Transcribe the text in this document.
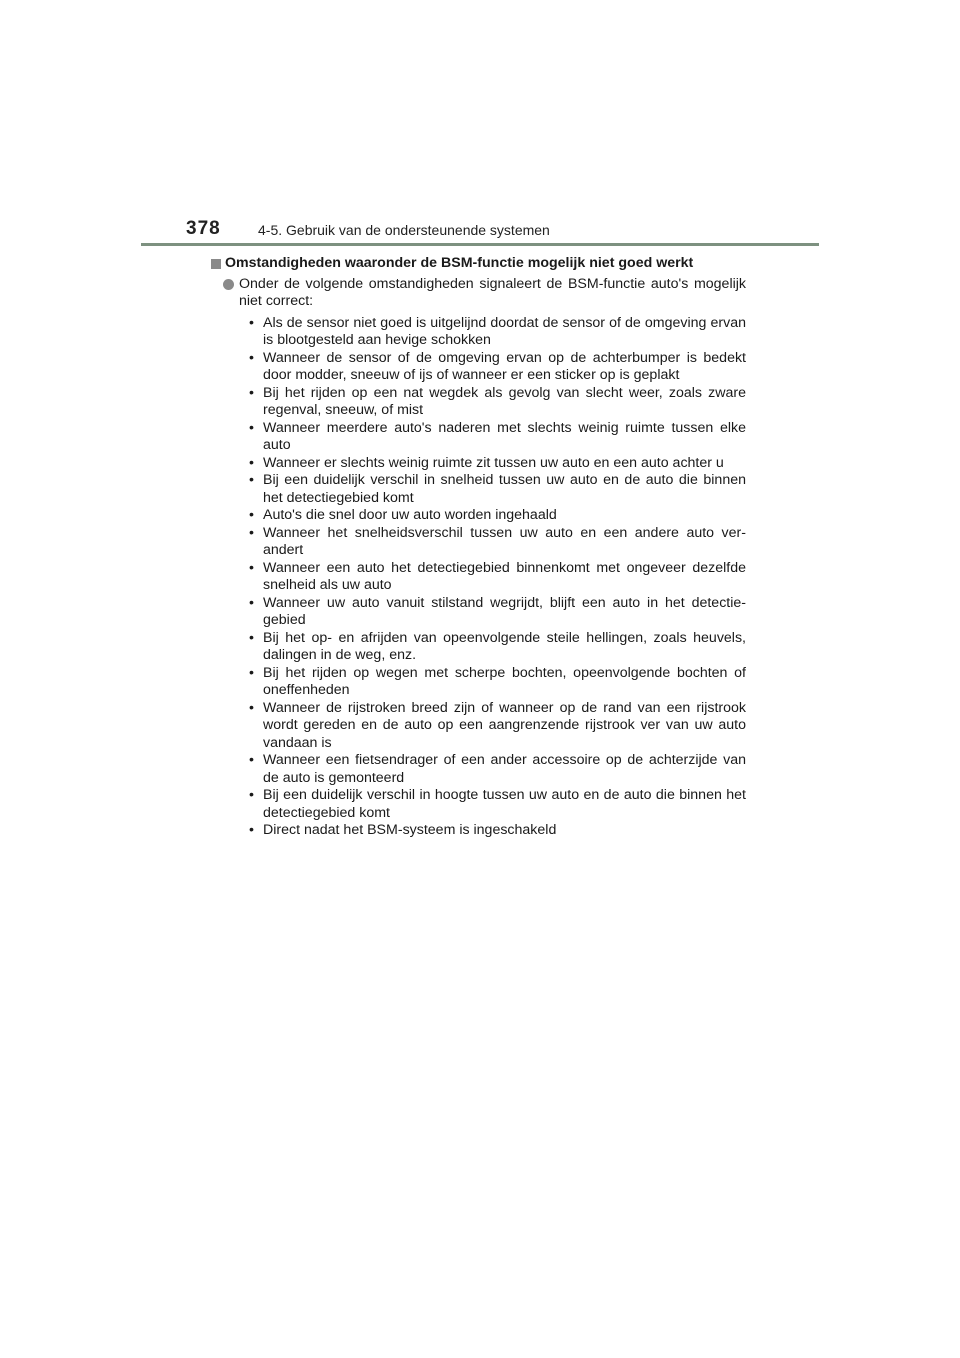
378	4-5. Gebruik van de ondersteunende systemen
Omstandigheden waaronder de BSM-functie mogelijk niet goed werkt
Onder de volgende omstandigheden signaleert de BSM-functie auto's mogelijk niet correct:
• Als de sensor niet goed is uitgelijnd doordat de sensor of de omgeving ervan is blootgesteld aan hevige schokken
• Wanneer de sensor of de omgeving ervan op de achterbumper is bedekt door modder, sneeuw of ijs of wanneer er een sticker op is geplakt
• Bij het rijden op een nat wegdek als gevolg van slecht weer, zoals zware regenval, sneeuw, of mist
• Wanneer meerdere auto's naderen met slechts weinig ruimte tussen elke auto
• Wanneer er slechts weinig ruimte zit tussen uw auto en een auto achter u
• Bij een duidelijk verschil in snelheid tussen uw auto en de auto die binnen het detectiegebied komt
• Auto's die snel door uw auto worden ingehaald
• Wanneer het snelheidsverschil tussen uw auto en een andere auto ver-andert
• Wanneer een auto het detectiegebied binnenkomt met ongeveer dezelfde snelheid als uw auto
• Wanneer uw auto vanuit stilstand wegrijdt, blijft een auto in het detectie-gebied
• Bij het op- en afrijden van opeenvolgende steile hellingen, zoals heuvels, dalingen in de weg, enz.
• Bij het rijden op wegen met scherpe bochten, opeenvolgende bochten of oneffenheden
• Wanneer de rijstroken breed zijn of wanneer op de rand van een rijstrook wordt gereden en de auto op een aangrenzende rijstrook ver van uw auto vandaan is
• Wanneer een fietsendrager of een ander accessoire op de achterzijde van de auto is gemonteerd
• Bij een duidelijk verschil in hoogte tussen uw auto en de auto die binnen het detectiegebied komt
• Direct nadat het BSM-systeem is ingeschakeld
